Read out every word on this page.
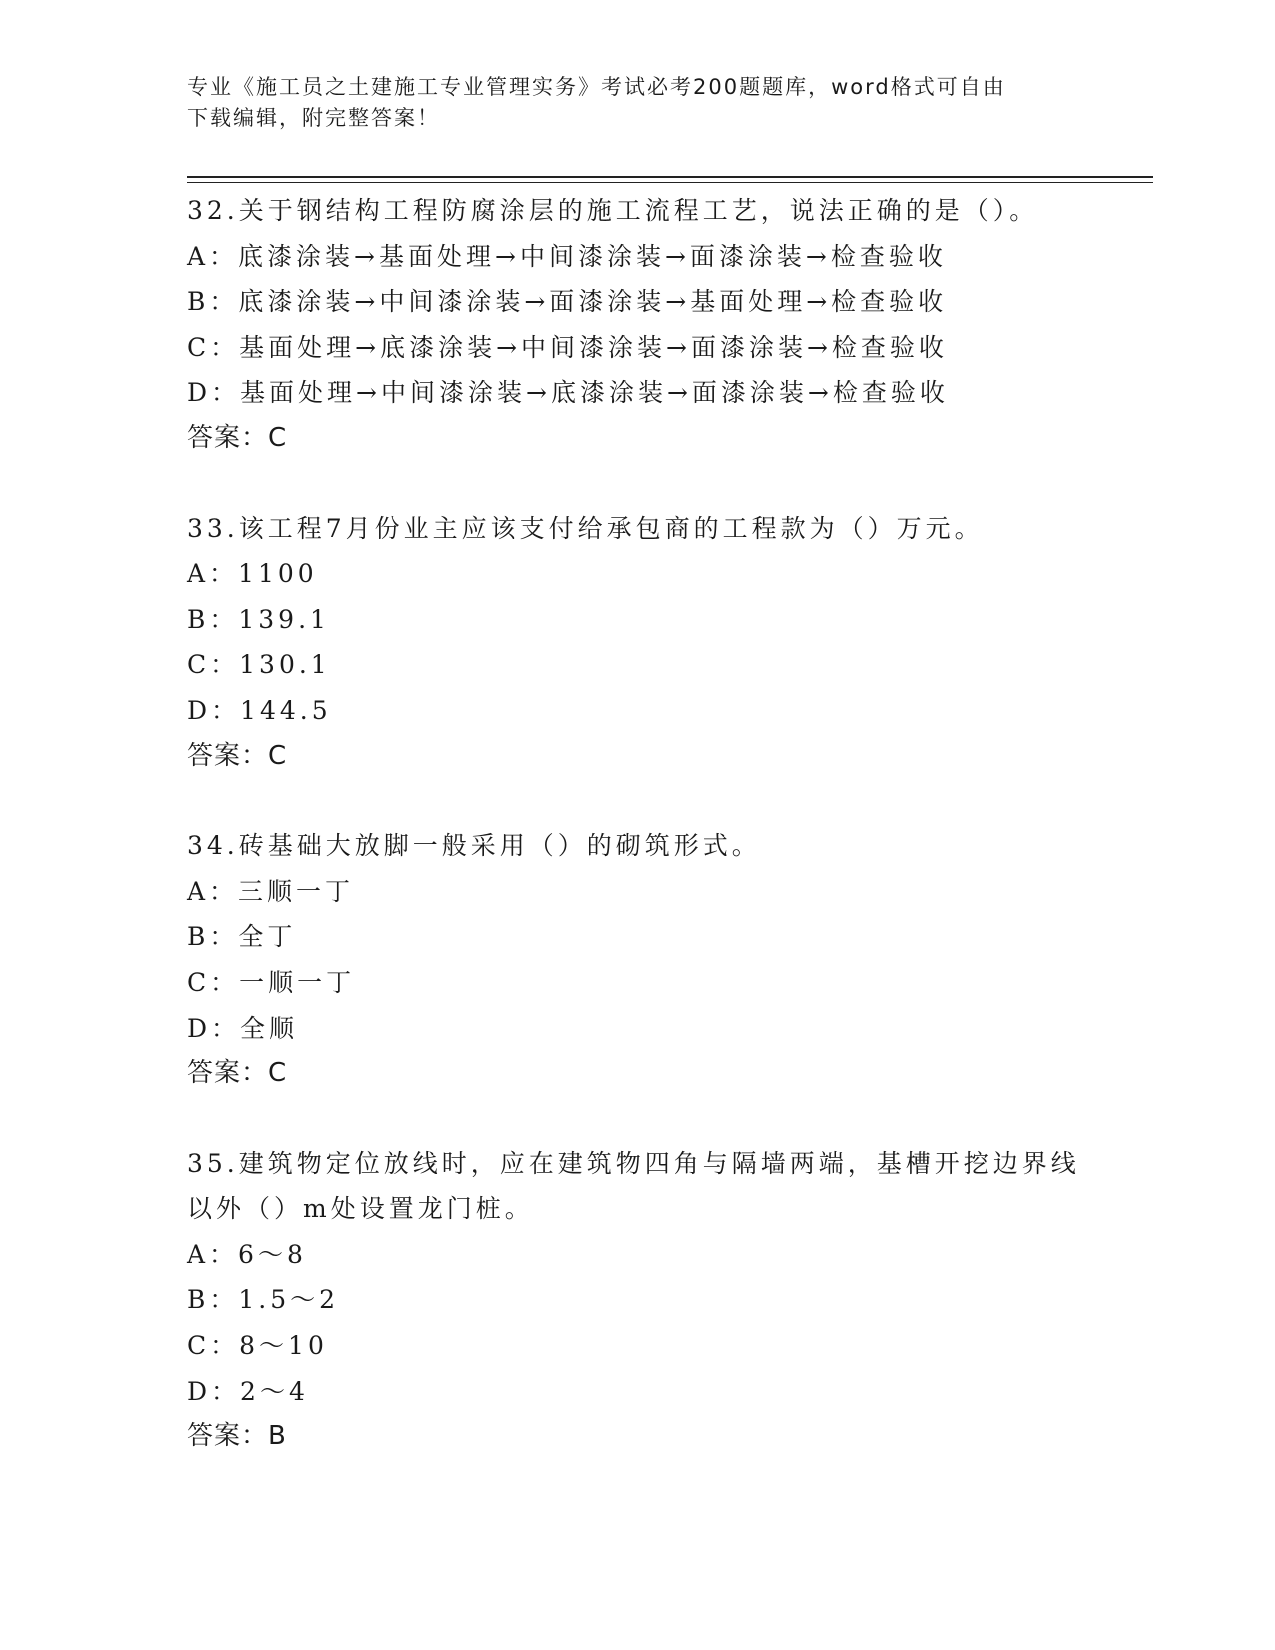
专业《施工员之土建施工专业管理实务》考试必考200题题库，word格式可自由
下载编辑，附完整答案！
32.关于钢结构工程防腐涂层的施工流程工艺，说法正确的是（）。
A：底漆涂装→基面处理→中间漆涂装→面漆涂装→检查验收
B：底漆涂装→中间漆涂装→面漆涂装→基面处理→检查验收
C：基面处理→底漆涂装→中间漆涂装→面漆涂装→检查验收
D：基面处理→中间漆涂装→底漆涂装→面漆涂装→检查验收
答案：C
33.该工程7月份业主应该支付给承包商的工程款为（）万元。
A：1100
B：139.1
C：130.1
D：144.5
答案：C
34.砖基础大放脚一般采用（）的砌筑形式。
A：三顺一丁
B：全丁
C：一顺一丁
D：全顺
答案：C
35.建筑物定位放线时，应在建筑物四角与隔墙两端，基槽开挖边界线
以外（）m处设置龙门桩。
A：6～8
B：1.5～2
C：8～10
D：2～4
答案：B
